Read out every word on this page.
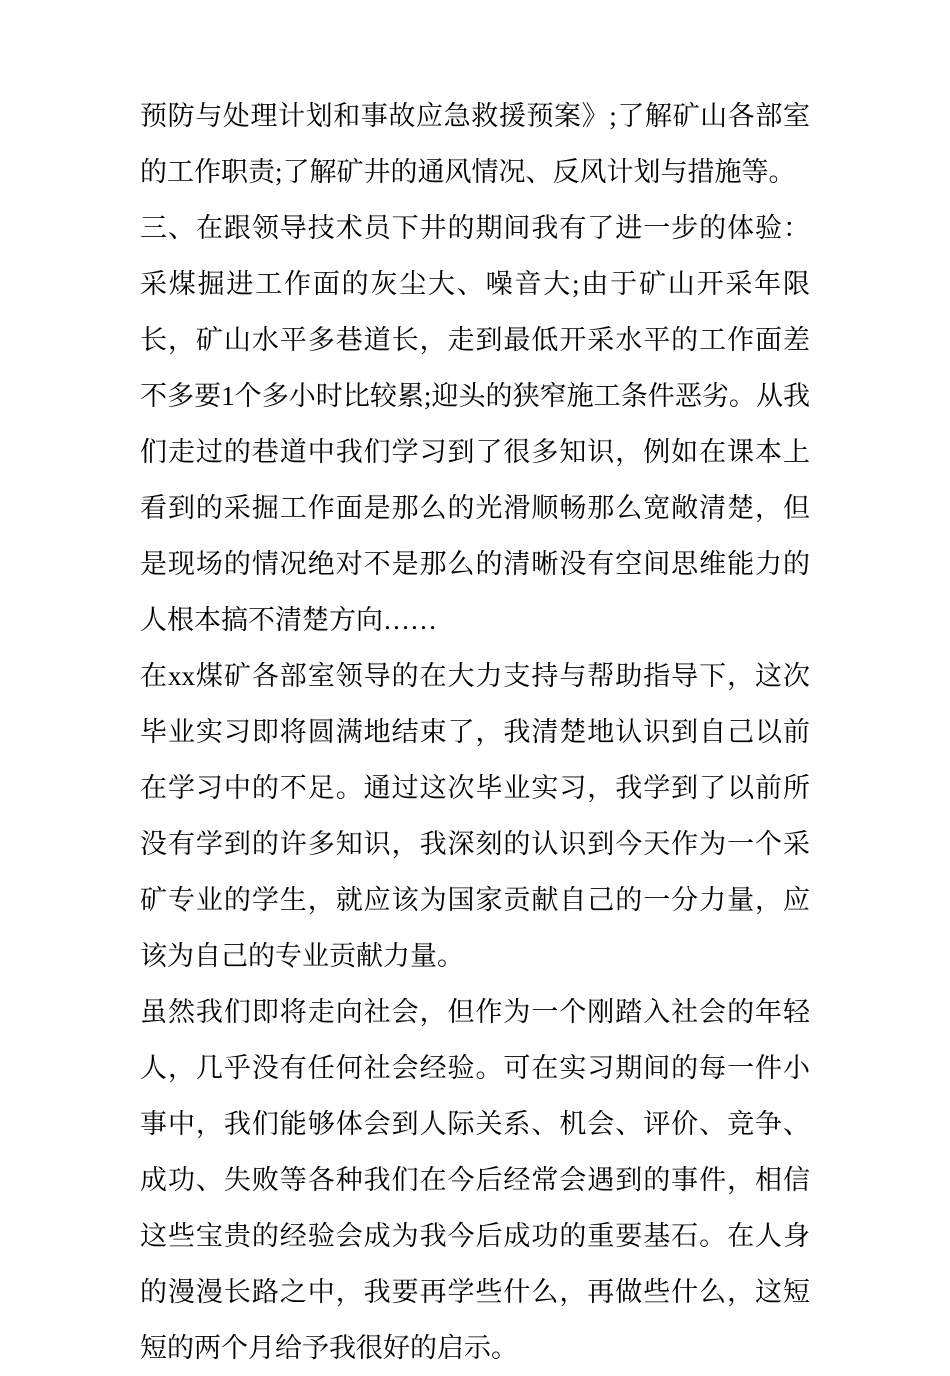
预防与处理计划和事故应急救援预案》;了解矿山各部室的工作职责;了解矿井的通风情况、反风计划与措施等。

三、在跟领导技术员下井的期间我有了进一步的体验：采煤掘进工作面的灰尘大、噪音大;由于矿山开采年限长，矿山水平多巷道长，走到最低开采水平的工作面差不多要1个多小时比较累;迎头的狭窄施工条件恶劣。从我们走过的巷道中我们学习到了很多知识，例如在课本上看到的采掘工作面是那么的光滑顺畅那么宽敞清楚，但是现场的情况绝对不是那么的清晰没有空间思维能力的人根本搞不清楚方向……

在xx煤矿各部室领导的在大力支持与帮助指导下，这次毕业实习即将圆满地结束了，我清楚地认识到自己以前在学习中的不足。通过这次毕业实习，我学到了以前所没有学到的许多知识，我深刻的认识到今天作为一个采矿专业的学生，就应该为国家贡献自己的一分力量，应该为自己的专业贡献力量。

虽然我们即将走向社会，但作为一个刚踏入社会的年轻人，几乎没有任何社会经验。可在实习期间的每一件小事中，我们能够体会到人际关系、机会、评价、竞争、成功、失败等各种我们在今后经常会遇到的事件，相信这些宝贵的经验会成为我今后成功的重要基石。在人身的漫漫长路之中，我要再学些什么，再做些什么，这短短的两个月给予我很好的启示。
